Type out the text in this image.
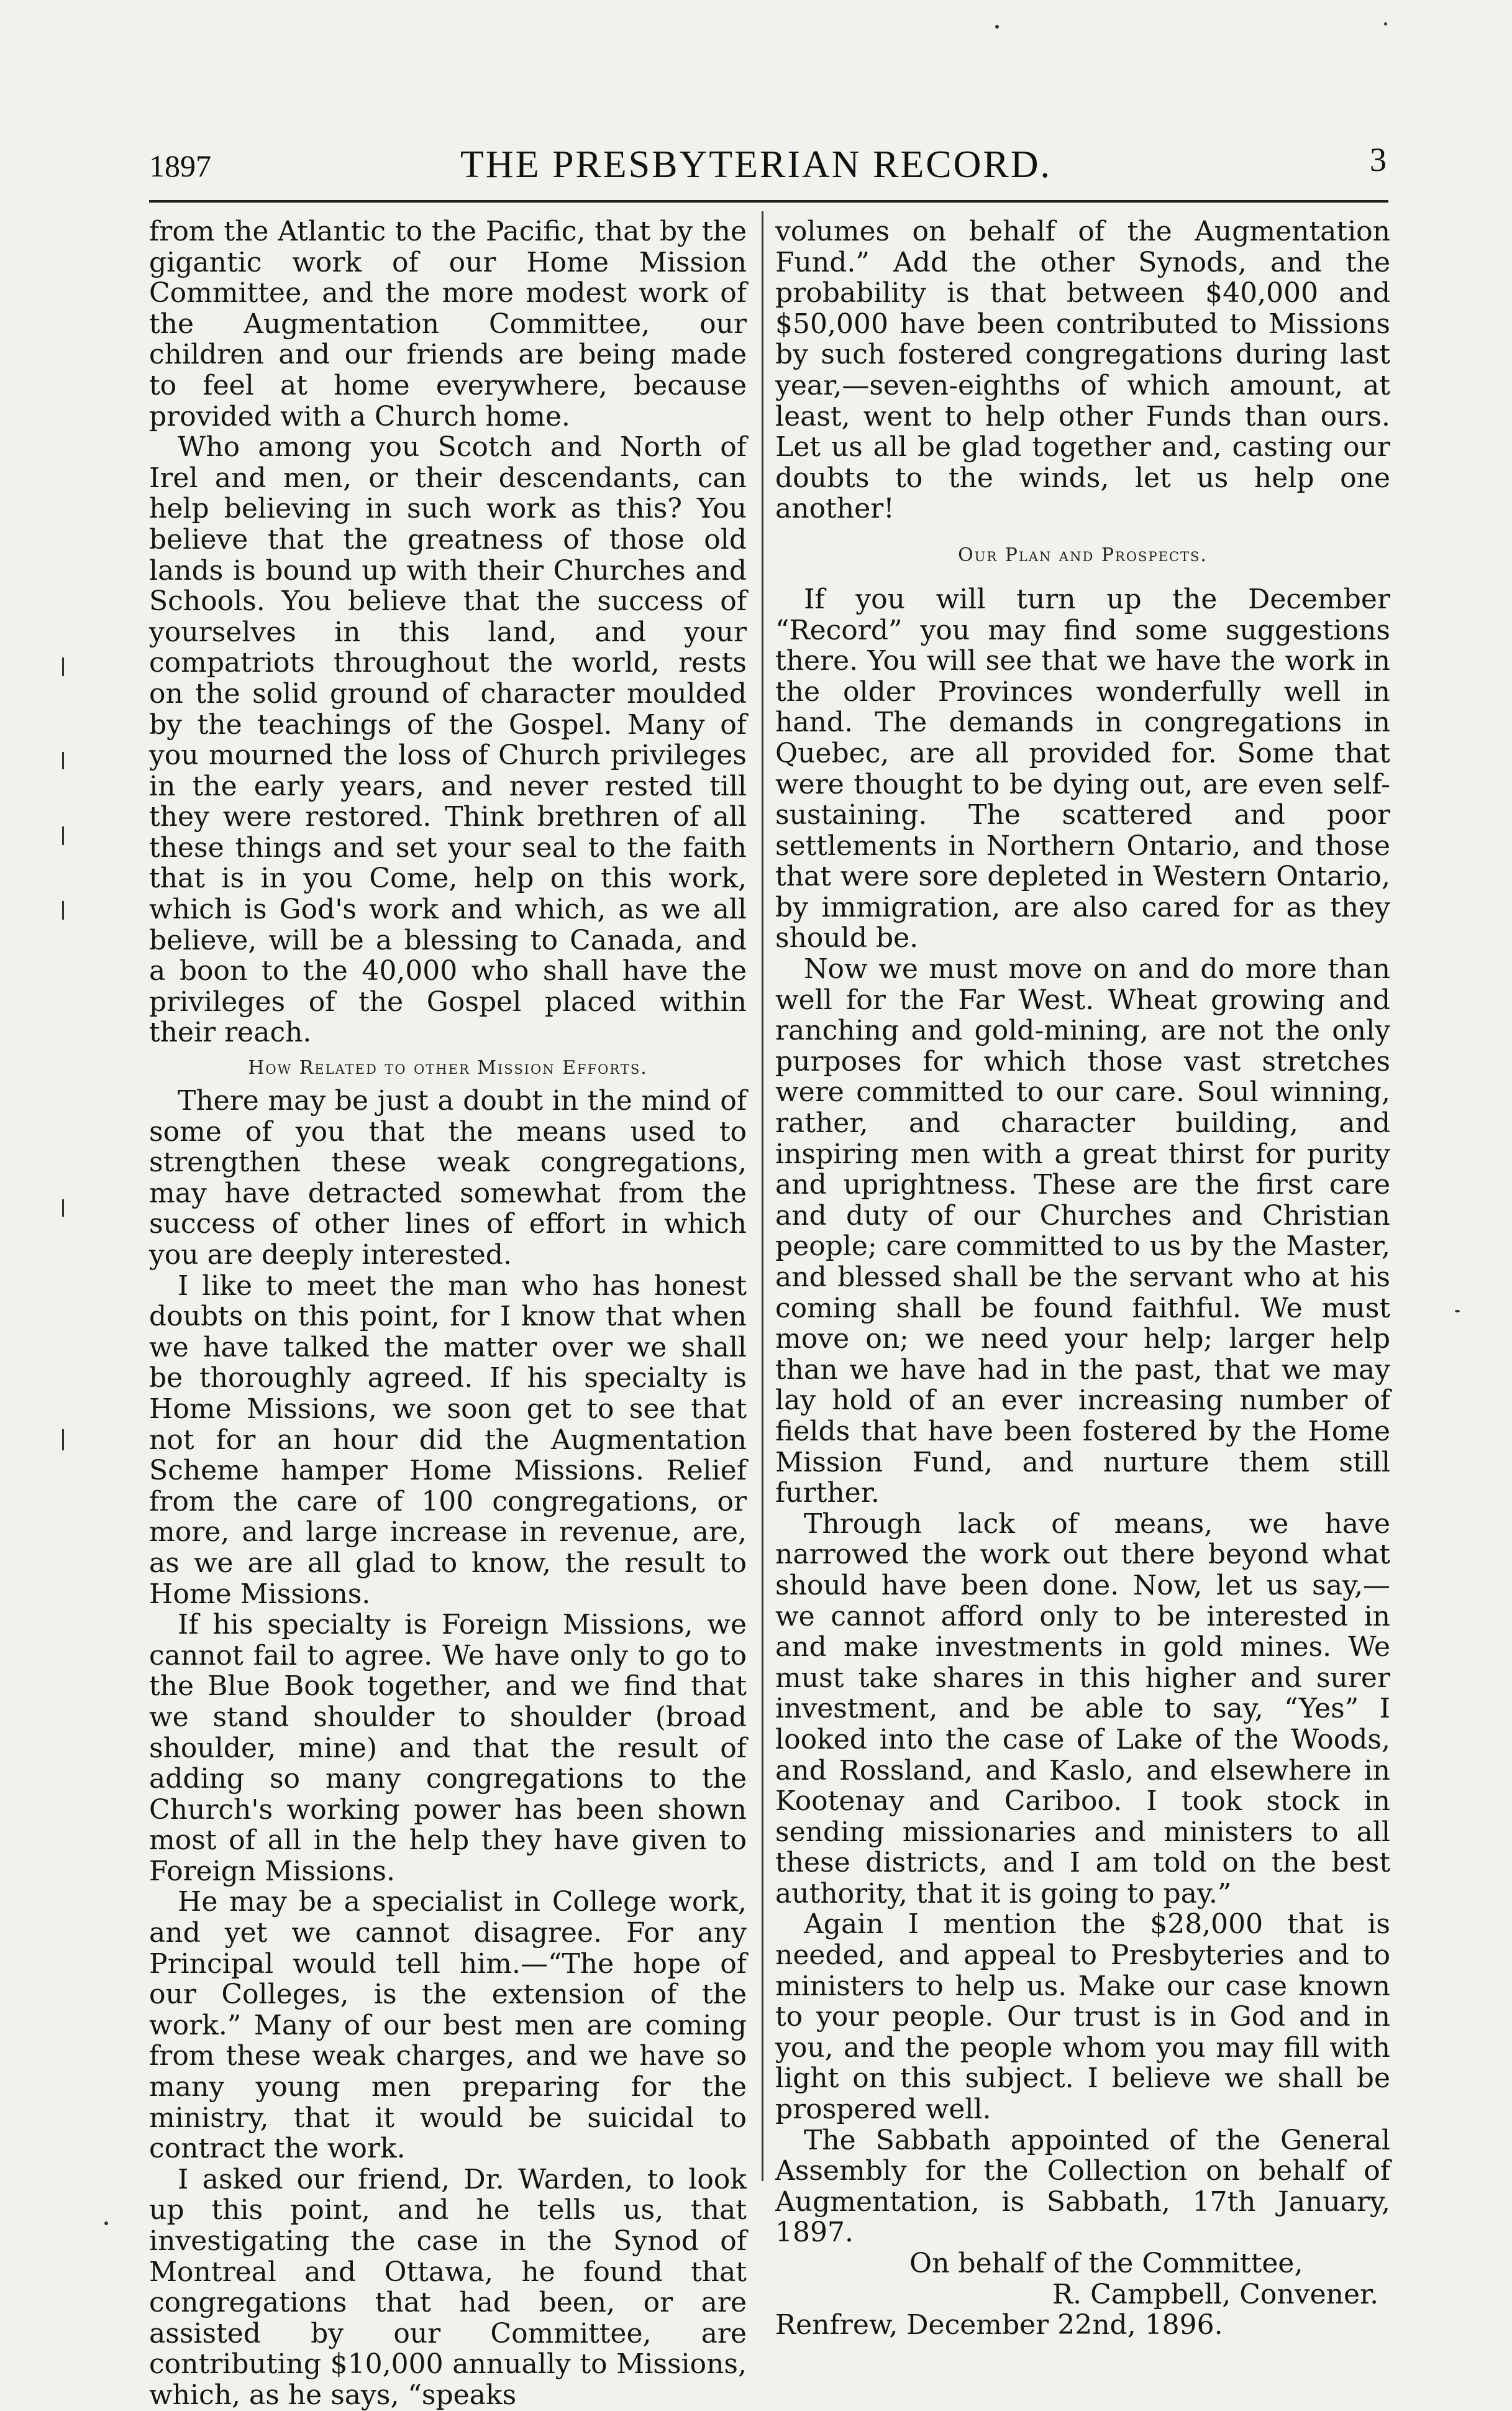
1897	THE PRESBYTERIAN RECORD.	3

from the Atlantic to the Pacific, that by the gigantic work of our Home Mission Committee, and the more modest work of the Augmentation Committee, our children and our friends are being made to feel at home everywhere, because provided with a Church home.

Who among you Scotch and North of Irel and men, or their descendants, can help believing in such work as this? You believe that the greatness of those old lands is bound up with their Churches and Schools. You believe that the success of yourselves in this land, and your compatriots throughout the world, rests on the solid ground of character moulded by the teachings of the Gospel. Many of you mourned the loss of Church privileges in the early years, and never rested till they were restored. Think brethren of all these things and set your seal to the faith that is in you Come, help on this work, which is God's work and which, as we all believe, will be a blessing to Canada, and a boon to the 40,000 who shall have the privileges of the Gospel placed within their reach.

How Related to other Mission Efforts.

There may be just a doubt in the mind of some of you that the means used to strengthen these weak congregations, may have detracted somewhat from the success of other lines of effort in which you are deeply interested.

I like to meet the man who has honest doubts on this point, for I know that when we have talked the matter over we shall be thoroughly agreed. If his specialty is Home Missions, we soon get to see that not for an hour did the Augmentation Scheme hamper Home Missions. Relief from the care of 100 congregations, or more, and large increase in revenue, are, as we are all glad to know, the result to Home Missions.

If his specialty is Foreign Missions, we cannot fail to agree. We have only to go to the Blue Book together, and we find that we stand shoulder to shoulder (broad shoulder, mine) and that the result of adding so many congregations to the Church's working power has been shown most of all in the help they have given to Foreign Missions.

He may be a specialist in College work, and yet we cannot disagree. For any Principal would tell him.—“The hope of our Colleges, is the extension of the work.” Many of our best men are coming from these weak charges, and we have so many young men preparing for the ministry, that it would be suicidal to contract the work.

I asked our friend, Dr. Warden, to look up this point, and he tells us, that investigating the case in the Synod of Montreal and Ottawa, he found that congregations that had been, or are assisted by our Committee, are contributing $10,000 annually to Missions, which, as he says, “speaks

volumes on behalf of the Augmentation Fund.” Add the other Synods, and the probability is that between $40,000 and $50,000 have been contributed to Missions by such fostered congregations during last year,—seven-eighths of which amount, at least, went to help other Funds than ours. Let us all be glad together and, casting our doubts to the winds, let us help one another!

Our Plan and Prospects.

If you will turn up the December “Record” you may find some suggestions there. You will see that we have the work in the older Provinces wonderfully well in hand. The demands in congregations in Quebec, are all provided for. Some that were thought to be dying out, are even self-sustaining. The scattered and poor settlements in Northern Ontario, and those that were sore depleted in Western Ontario, by immigration, are also cared for as they should be.

Now we must move on and do more than well for the Far West. Wheat growing and ranching and gold-mining, are not the only purposes for which those vast stretches were committed to our care. Soul winning, rather, and character building, and inspiring men with a great thirst for purity and uprightness. These are the first care and duty of our Churches and Christian people; care committed to us by the Master, and blessed shall be the servant who at his coming shall be found faithful. We must move on; we need your help; larger help than we have had in the past, that we may lay hold of an ever increasing number of fields that have been fostered by the Home Mission Fund, and nurture them still further.

Through lack of means, we have narrowed the work out there beyond what should have been done. Now, let us say,—we cannot afford only to be interested in and make investments in gold mines. We must take shares in this higher and surer investment, and be able to say, “Yes” I looked into the case of Lake of the Woods, and Rossland, and Kaslo, and elsewhere in Kootenay and Cariboo. I took stock in sending missionaries and ministers to all these districts, and I am told on the best authority, that it is going to pay.”

Again I mention the $28,000 that is needed, and appeal to Presbyteries and to ministers to help us. Make our case known to your people. Our trust is in God and in you, and the people whom you may fill with light on this subject. I believe we shall be prospered well.

The Sabbath appointed of the General Assembly for the Collection on behalf of Augmentation, is Sabbath, 17th January, 1897.

On behalf of the Committee,

R. Campbell, Convener.

Renfrew, December 22nd, 1896.
